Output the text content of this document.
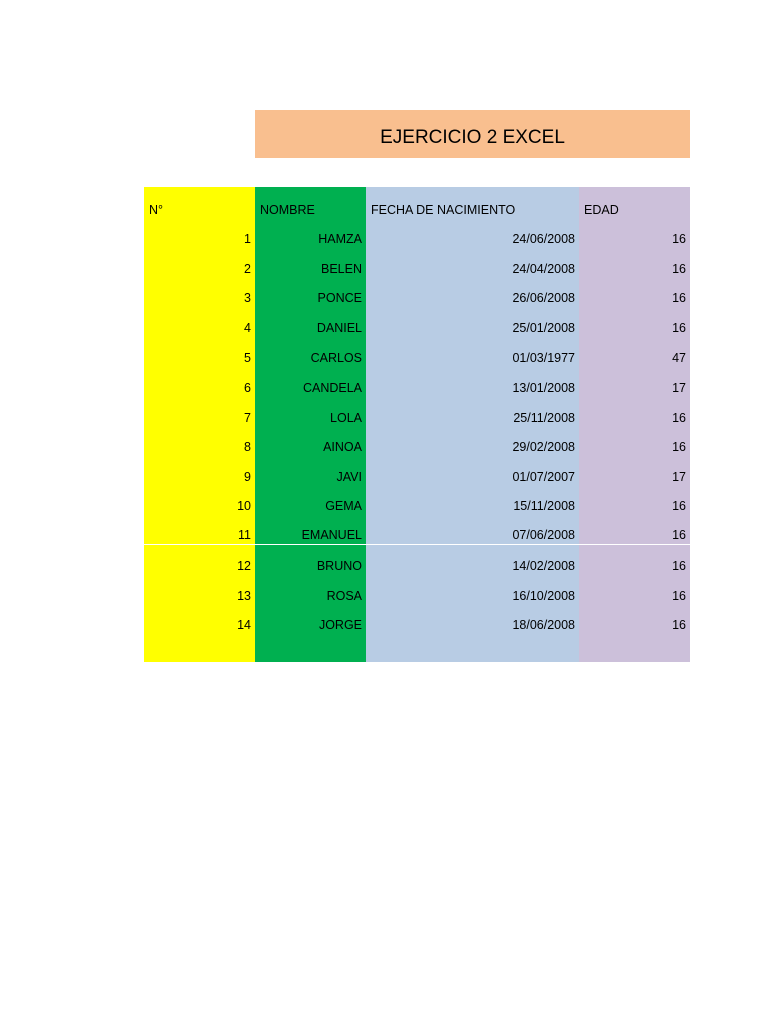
EJERCICIO 2 EXCEL
N°	NOMBRE	FECHA DE NACIMIENTO	EDAD
1	HAMZA	24/06/2008	16
2	BELEN	24/04/2008	16
3	PONCE	26/06/2008	16
4	DANIEL	25/01/2008	16
5	CARLOS	01/03/1977	47
6	CANDELA	13/01/2008	17
7	LOLA	25/11/2008	16
8	AINOA	29/02/2008	16
9	JAVI	01/07/2007	17
10	GEMA	15/11/2008	16
11	EMANUEL	07/06/2008	16
12	BRUNO	14/02/2008	16
13	ROSA	16/10/2008	16
14	JORGE	18/06/2008	16
